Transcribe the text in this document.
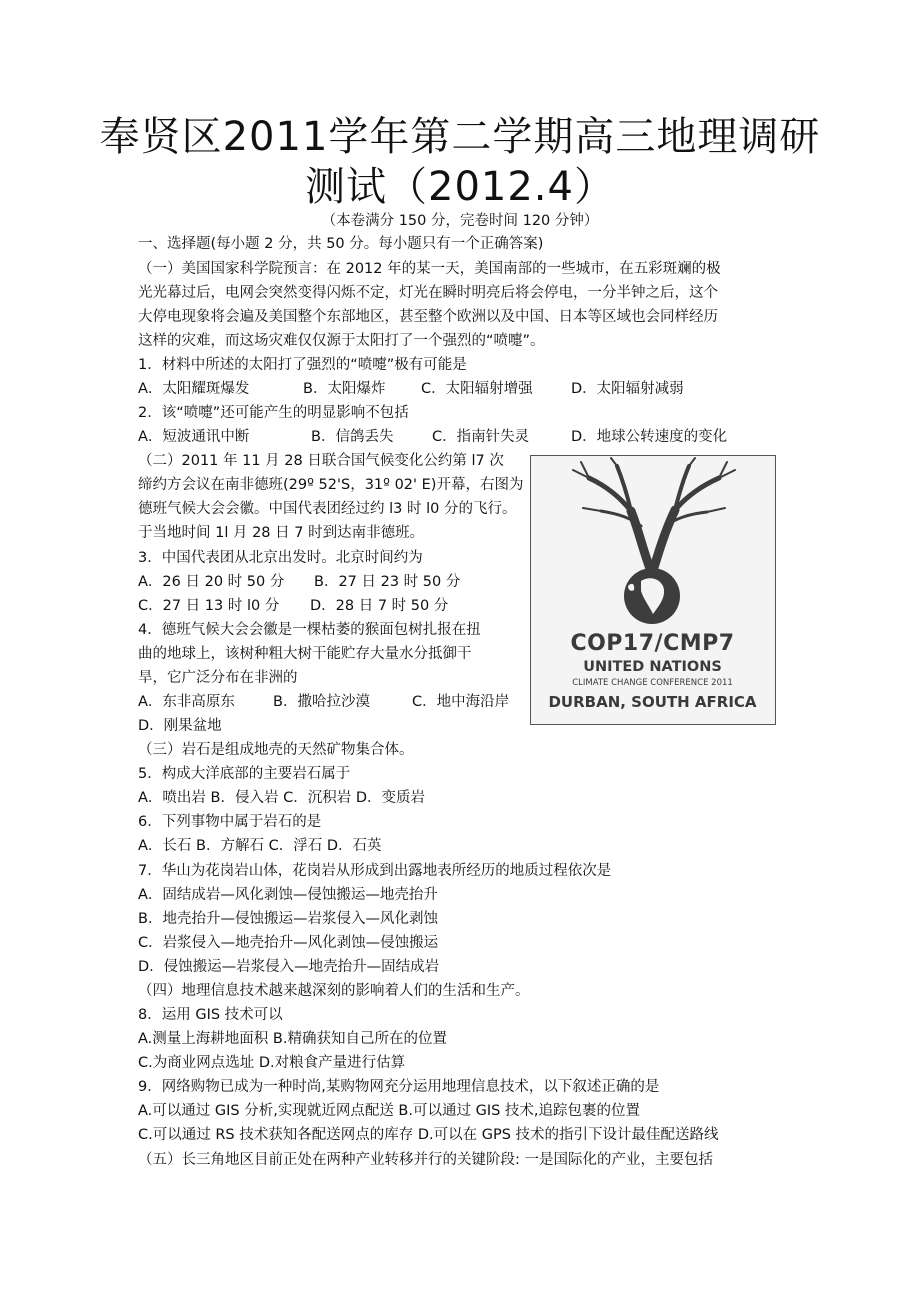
奉贤区2011学年第二学期高三地理调研
测试（2012.4）
（本卷满分 150 分，完卷时间 120 分钟）
一、选择题(每小题 2 分，共 50 分。每小题只有一个正确答案)
（一）美国国家科学院预言：在 2012 年的某一天，美国南部的一些城市，在五彩斑斓的极
光光幕过后，电网会突然变得闪烁不定，灯光在瞬时明亮后将会停电，一分半钟之后，这个
大停电现象将会遍及美国整个东部地区，甚至整个欧洲以及中国、日本等区域也会同样经历
这样的灾难，而这场灾难仅仅源于太阳打了一个强烈的“喷嚏”。
1．材料中所述的太阳打了强烈的“喷嚏”极有可能是
A．太阳耀斑爆发	B．太阳爆炸 C．太阳辐射增强	D．太阳辐射减弱
2．该“喷嚏”还可能产生的明显影响不包括
A．短波通讯中断	B．信鸽丢失	C．指南针失灵	D．地球公转速度的变化
（二）2011 年 11 月 28 日联合国气候变化公约第 l7 次
缔约方会议在南非德班(29º 52'S，31º 02' E)开幕，右图为
德班气候大会会徽。中国代表团经过约 l3 时 l0 分的飞行。
于当地时间 1l 月 28 日 7 时到达南非德班。
3．中国代表团从北京出发时。北京时间约为
A．26 日 20 时 50 分 B．27 日 23 时 50 分
C．27 日 13 时 l0 分 D．28 日 7 时 50 分
4．德班气候大会会徽是一棵枯萎的猴面包树扎报在扭
曲的地球上，该树种粗大树干能贮存大量水分抵御干
旱，它广泛分布在非洲的
A．东非高原东	B．撒哈拉沙漠	C．地中海沿岸
D．刚果盆地
（三）岩石是组成地壳的天然矿物集合体。
5．构成大洋底部的主要岩石属于
A．喷出岩 B．侵入岩 C．沉积岩 D．变质岩
6．下列事物中属于岩石的是
A．长石 B．方解石 C．浮石 D．石英
7．华山为花岗岩山体，花岗岩从形成到出露地表所经历的地质过程依次是
A．固结成岩—风化剥蚀—侵蚀搬运—地壳抬升
B．地壳抬升—侵蚀搬运—岩浆侵入—风化剥蚀
C．岩浆侵入—地壳抬升—风化剥蚀—侵蚀搬运
D．侵蚀搬运—岩浆侵入—地壳抬升—固结成岩
（四）地理信息技术越来越深刻的影响着人们的生活和生产。
8．运用 GIS 技术可以
A.测量上海耕地面积 B.精确获知自己所在的位置
C.为商业网点选址 D.对粮食产量进行估算
9．网络购物已成为一种时尚,某购物网充分运用地理信息技术，以下叙述正确的是
A.可以通过 GIS 分析,实现就近网点配送 B.可以通过 GIS 技术,追踪包裹的位置
C.可以通过 RS 技术获知各配送网点的库存 D.可以在 GPS 技术的指引下设计最佳配送路线
（五）长三角地区目前正处在两种产业转移并行的关键阶段: 一是国际化的产业，主要包括
COP17/CMP7
UNITED NATIONS
CLIMATE CHANGE CONFERENCE 2011
DURBAN, SOUTH AFRICA
